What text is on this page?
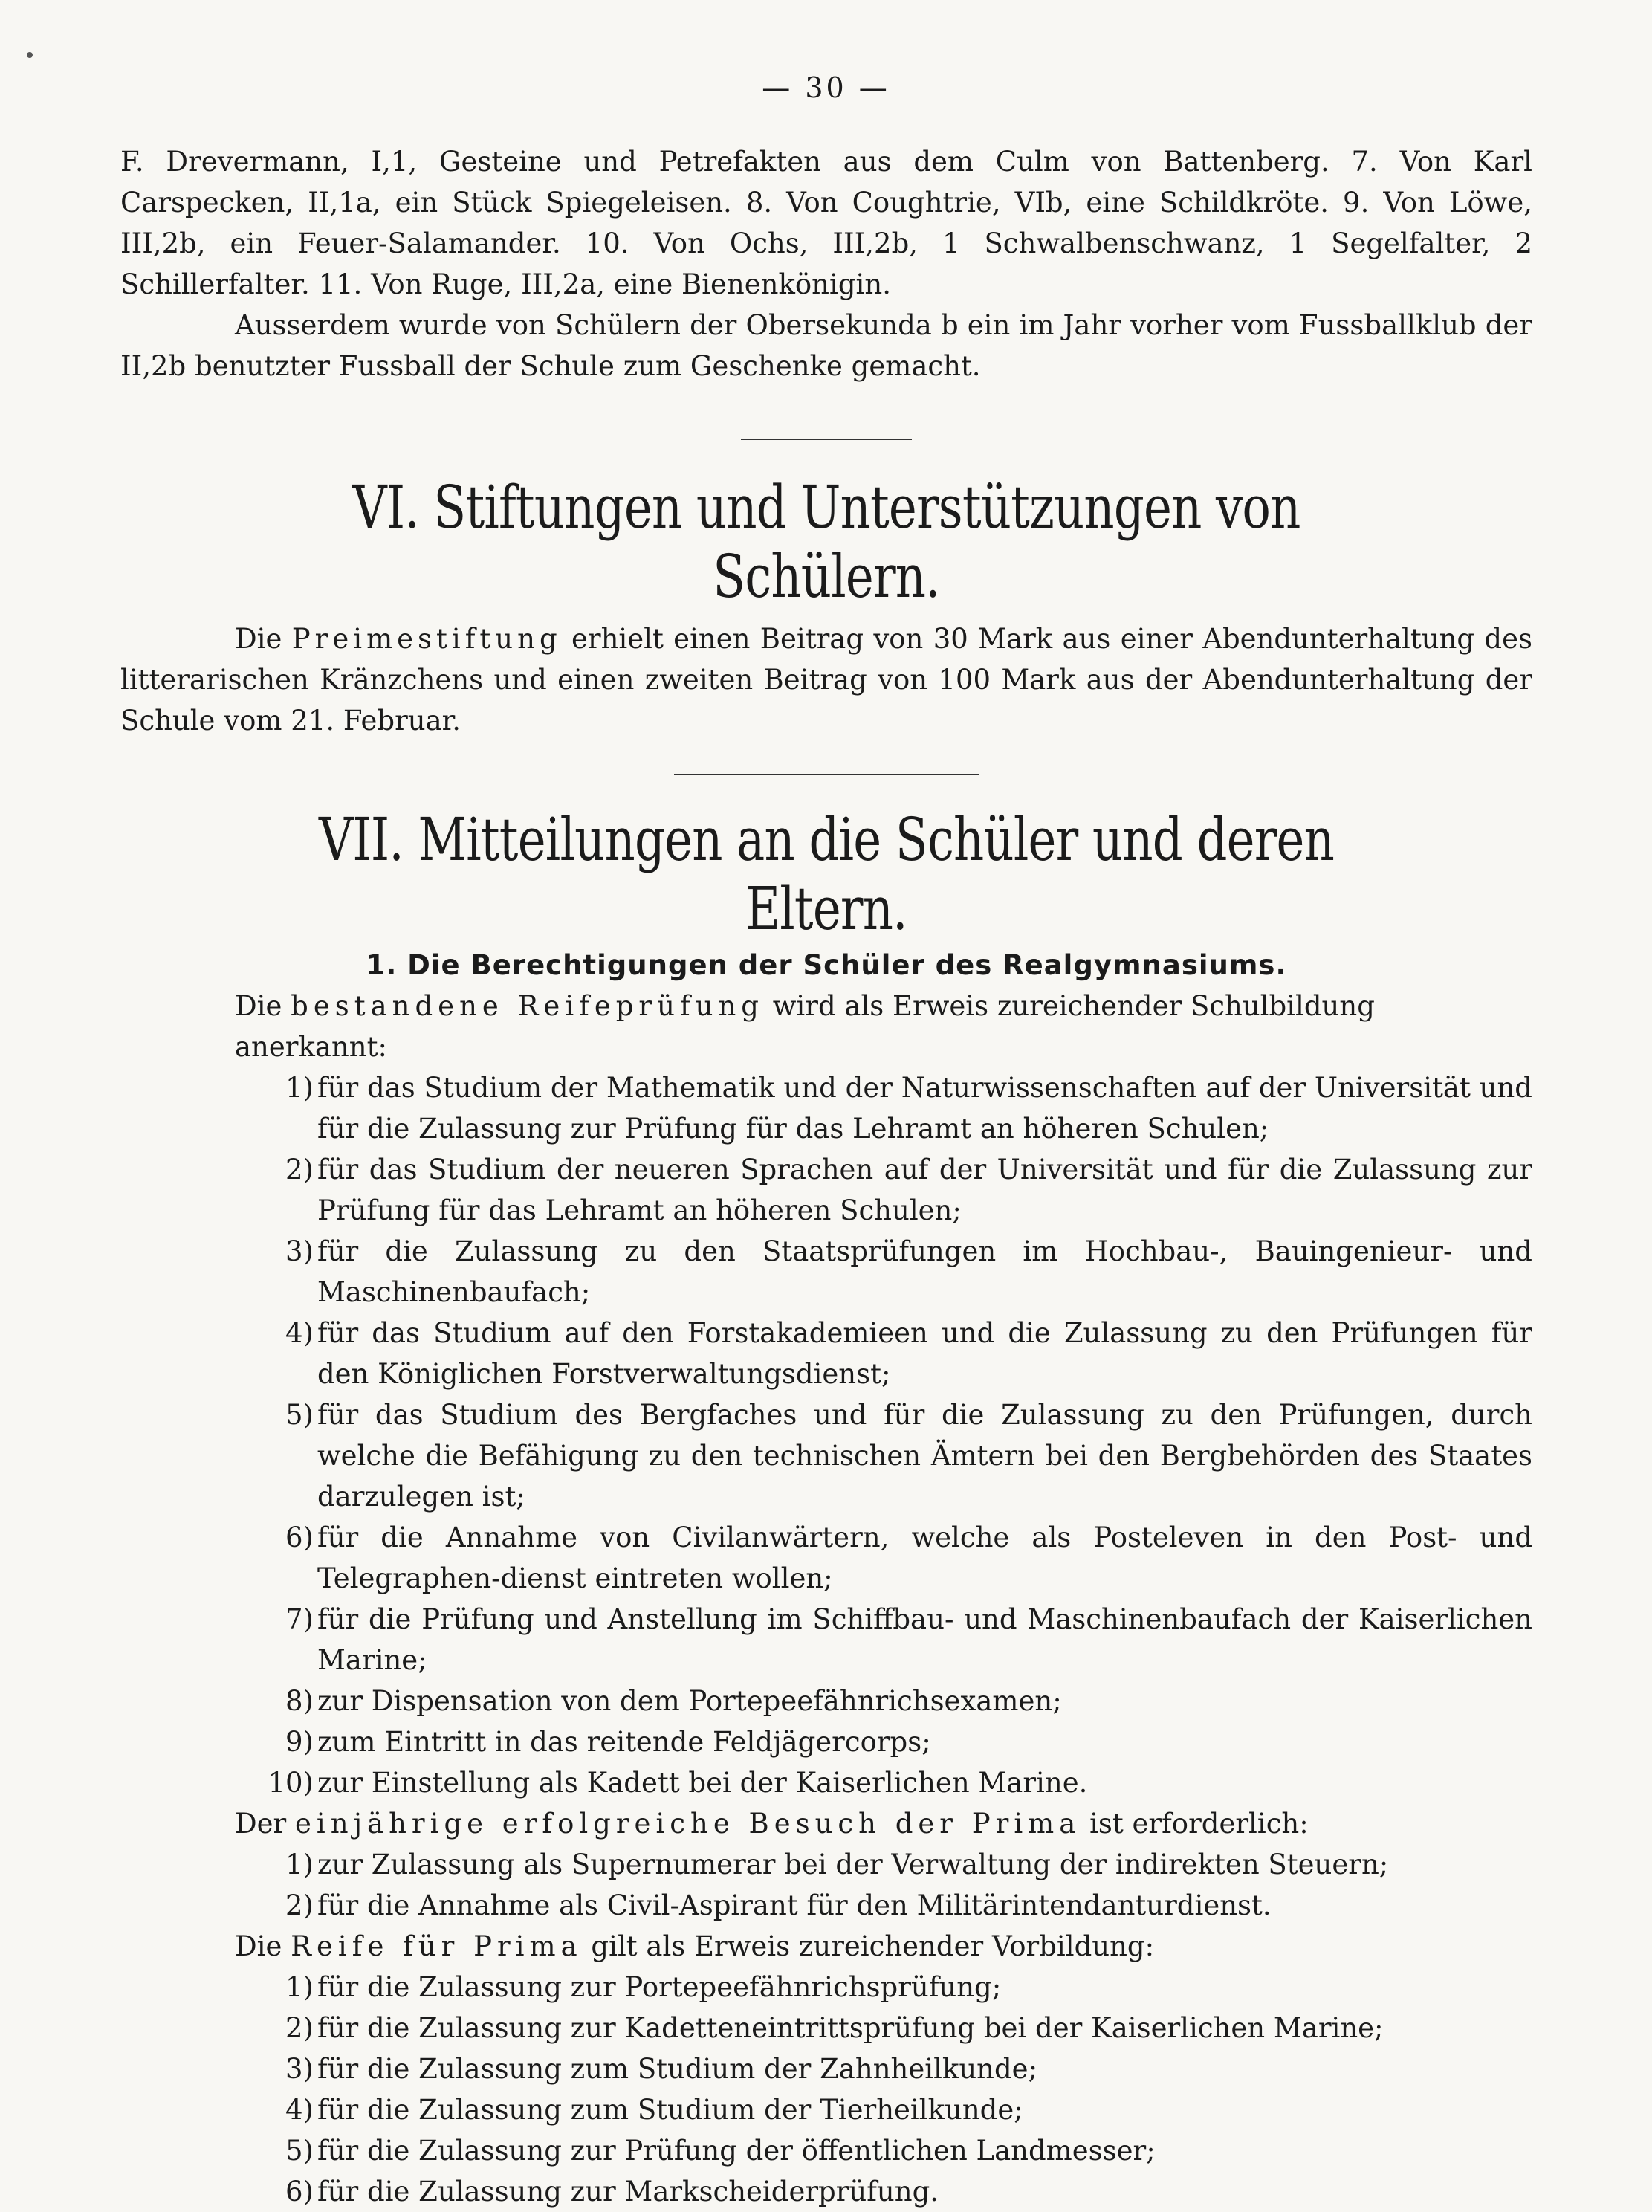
— 30 —

F. Drevermann, I,1, Gesteine und Petrefakten aus dem Culm von Battenberg. 7. Von Karl Carspecken, II,1a, ein Stück Spiegeleisen. 8. Von Coughtrie, VIb, eine Schildkröte. 9. Von Löwe, III,2b, ein Feuer-Salamander. 10. Von Ochs, III,2b, 1 Schwalbenschwanz, 1 Segelfalter, 2 Schillerfalter. 11. Von Ruge, III,2a, eine Bienenkönigin.

Ausserdem wurde von Schülern der Obersekunda b ein im Jahr vorher vom Fussballklub der II,2b benutzter Fussball der Schule zum Geschenke gemacht.

VI. Stiftungen und Unterstützungen von Schülern.

Die Preimestiftung erhielt einen Beitrag von 30 Mark aus einer Abendunterhaltung des litterarischen Kränzchens und einen zweiten Beitrag von 100 Mark aus der Abendunterhaltung der Schule vom 21. Februar.

VII. Mitteilungen an die Schüler und deren Eltern.
1. Die Berechtigungen der Schüler des Realgymnasiums.

Die bestandene Reifeprüfung wird als Erweis zureichender Schulbildung anerkannt:

1) für das Studium der Mathematik und der Naturwissenschaften auf der Universität und für die Zulassung zur Prüfung für das Lehramt an höheren Schulen;
2) für das Studium der neueren Sprachen auf der Universität und für die Zulassung zur Prüfung für das Lehramt an höheren Schulen;
3) für die Zulassung zu den Staatsprüfungen im Hochbau-, Bauingenieur- und Maschinenbaufach;
4) für das Studium auf den Forstakademieen und die Zulassung zu den Prüfungen für den Königlichen Forstverwaltungsdienst;
5) für das Studium des Bergfaches und für die Zulassung zu den Prüfungen, durch welche die Befähigung zu den technischen Ämtern bei den Bergbehörden des Staates darzulegen ist;
6) für die Annahme von Civilanwärtern, welche als Posteleven in den Post- und Telegraphen-dienst eintreten wollen;
7) für die Prüfung und Anstellung im Schiffbau- und Maschinenbaufach der Kaiserlichen Marine;
8) zur Dispensation von dem Portepeefähnrichsexamen;
9) zum Eintritt in das reitende Feldjägercorps;
10) zur Einstellung als Kadett bei der Kaiserlichen Marine.

Der einjährige erfolgreiche Besuch der Prima ist erforderlich:

1) zur Zulassung als Supernumerar bei der Verwaltung der indirekten Steuern;
2) für die Annahme als Civil-Aspirant für den Militärintendanturdienst.

Die Reife für Prima gilt als Erweis zureichender Vorbildung:

1) für die Zulassung zur Portepeefähnrichsprüfung;
2) für die Zulassung zur Kadetteneintrittsprüfung bei der Kaiserlichen Marine;
3) für die Zulassung zum Studium der Zahnheilkunde;
4) für die Zulassung zum Studium der Tierheilkunde;
5) für die Zulassung zur Prüfung der öffentlichen Landmesser;
6) für die Zulassung zur Markscheiderprüfung.
